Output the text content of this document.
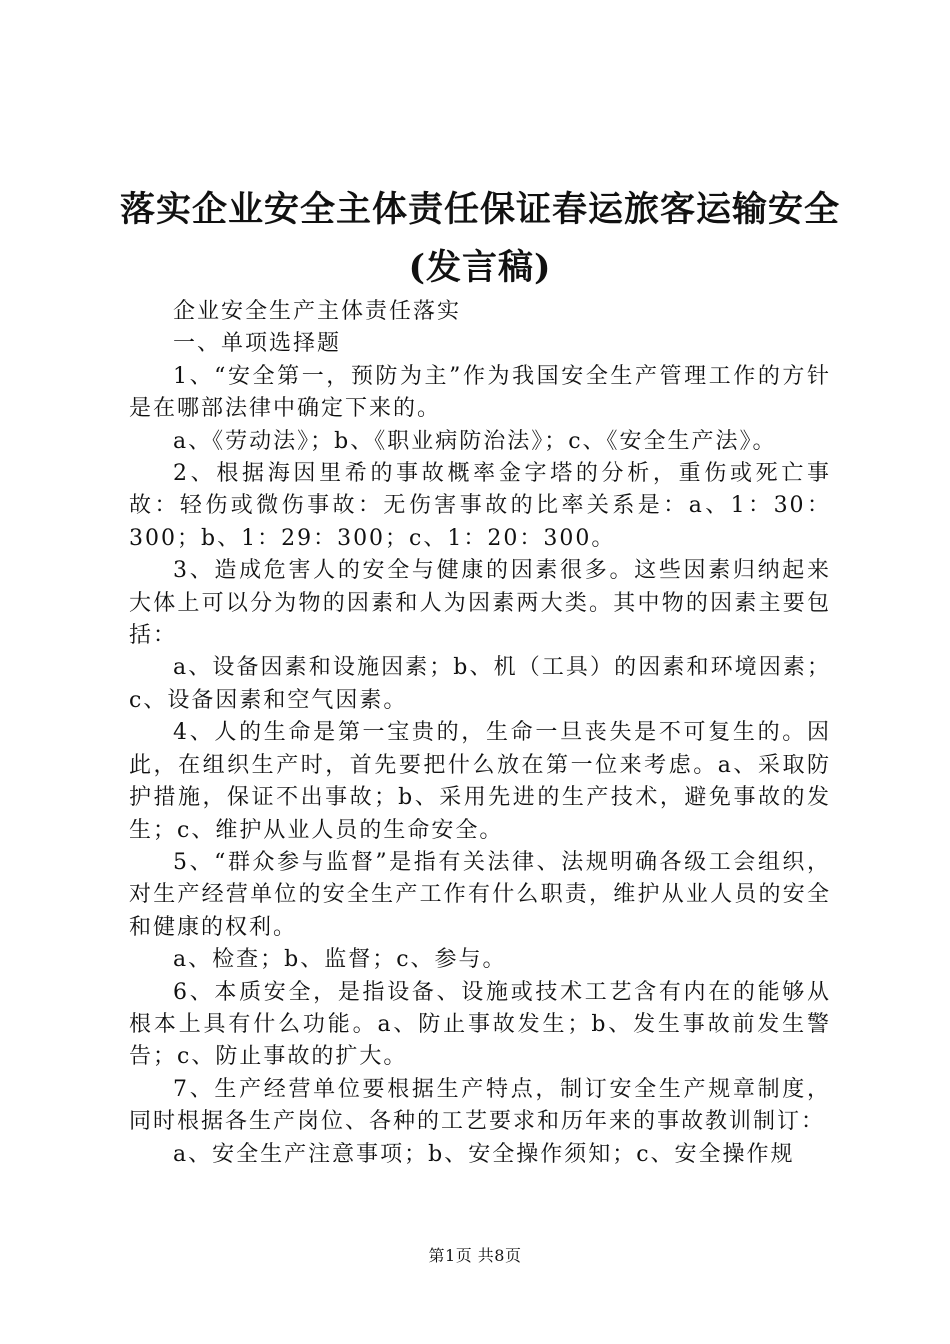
落实企业安全主体责任保证春运旅客运输安全
(发言稿)

企业安全生产主体责任落实

一、单项选择题

1、“安全第一，预防为主”作为我国安全生产管理工作的方针是在哪部法律中确定下来的。

a、《劳动法》；b、《职业病防治法》；c、《安全生产法》。

2、根据海因里希的事故概率金字塔的分析，重伤或死亡事故：轻伤或微伤事故：无伤害事故的比率关系是：a、1：30：300；b、1：29：300；c、1：20：300。

3、造成危害人的安全与健康的因素很多。这些因素归纳起来大体上可以分为物的因素和人为因素两大类。其中物的因素主要包括：

a、设备因素和设施因素；b、机（工具）的因素和环境因素；c、设备因素和空气因素。

4、人的生命是第一宝贵的，生命一旦丧失是不可复生的。因此，在组织生产时，首先要把什么放在第一位来考虑。a、采取防护措施，保证不出事故；b、采用先进的生产技术，避免事故的发生；c、维护从业人员的生命安全。

5、“群众参与监督”是指有关法律、法规明确各级工会组织，对生产经营单位的安全生产工作有什么职责，维护从业人员的安全和健康的权利。

a、检查；b、监督；c、参与。

6、本质安全，是指设备、设施或技术工艺含有内在的能够从根本上具有什么功能。a、防止事故发生；b、发生事故前发生警告；c、防止事故的扩大。

7、生产经营单位要根据生产特点，制订安全生产规章制度，同时根据各生产岗位、各种的工艺要求和历年来的事故教训制订：

a、安全生产注意事项；b、安全操作须知；c、安全操作规

第1页 共8页
